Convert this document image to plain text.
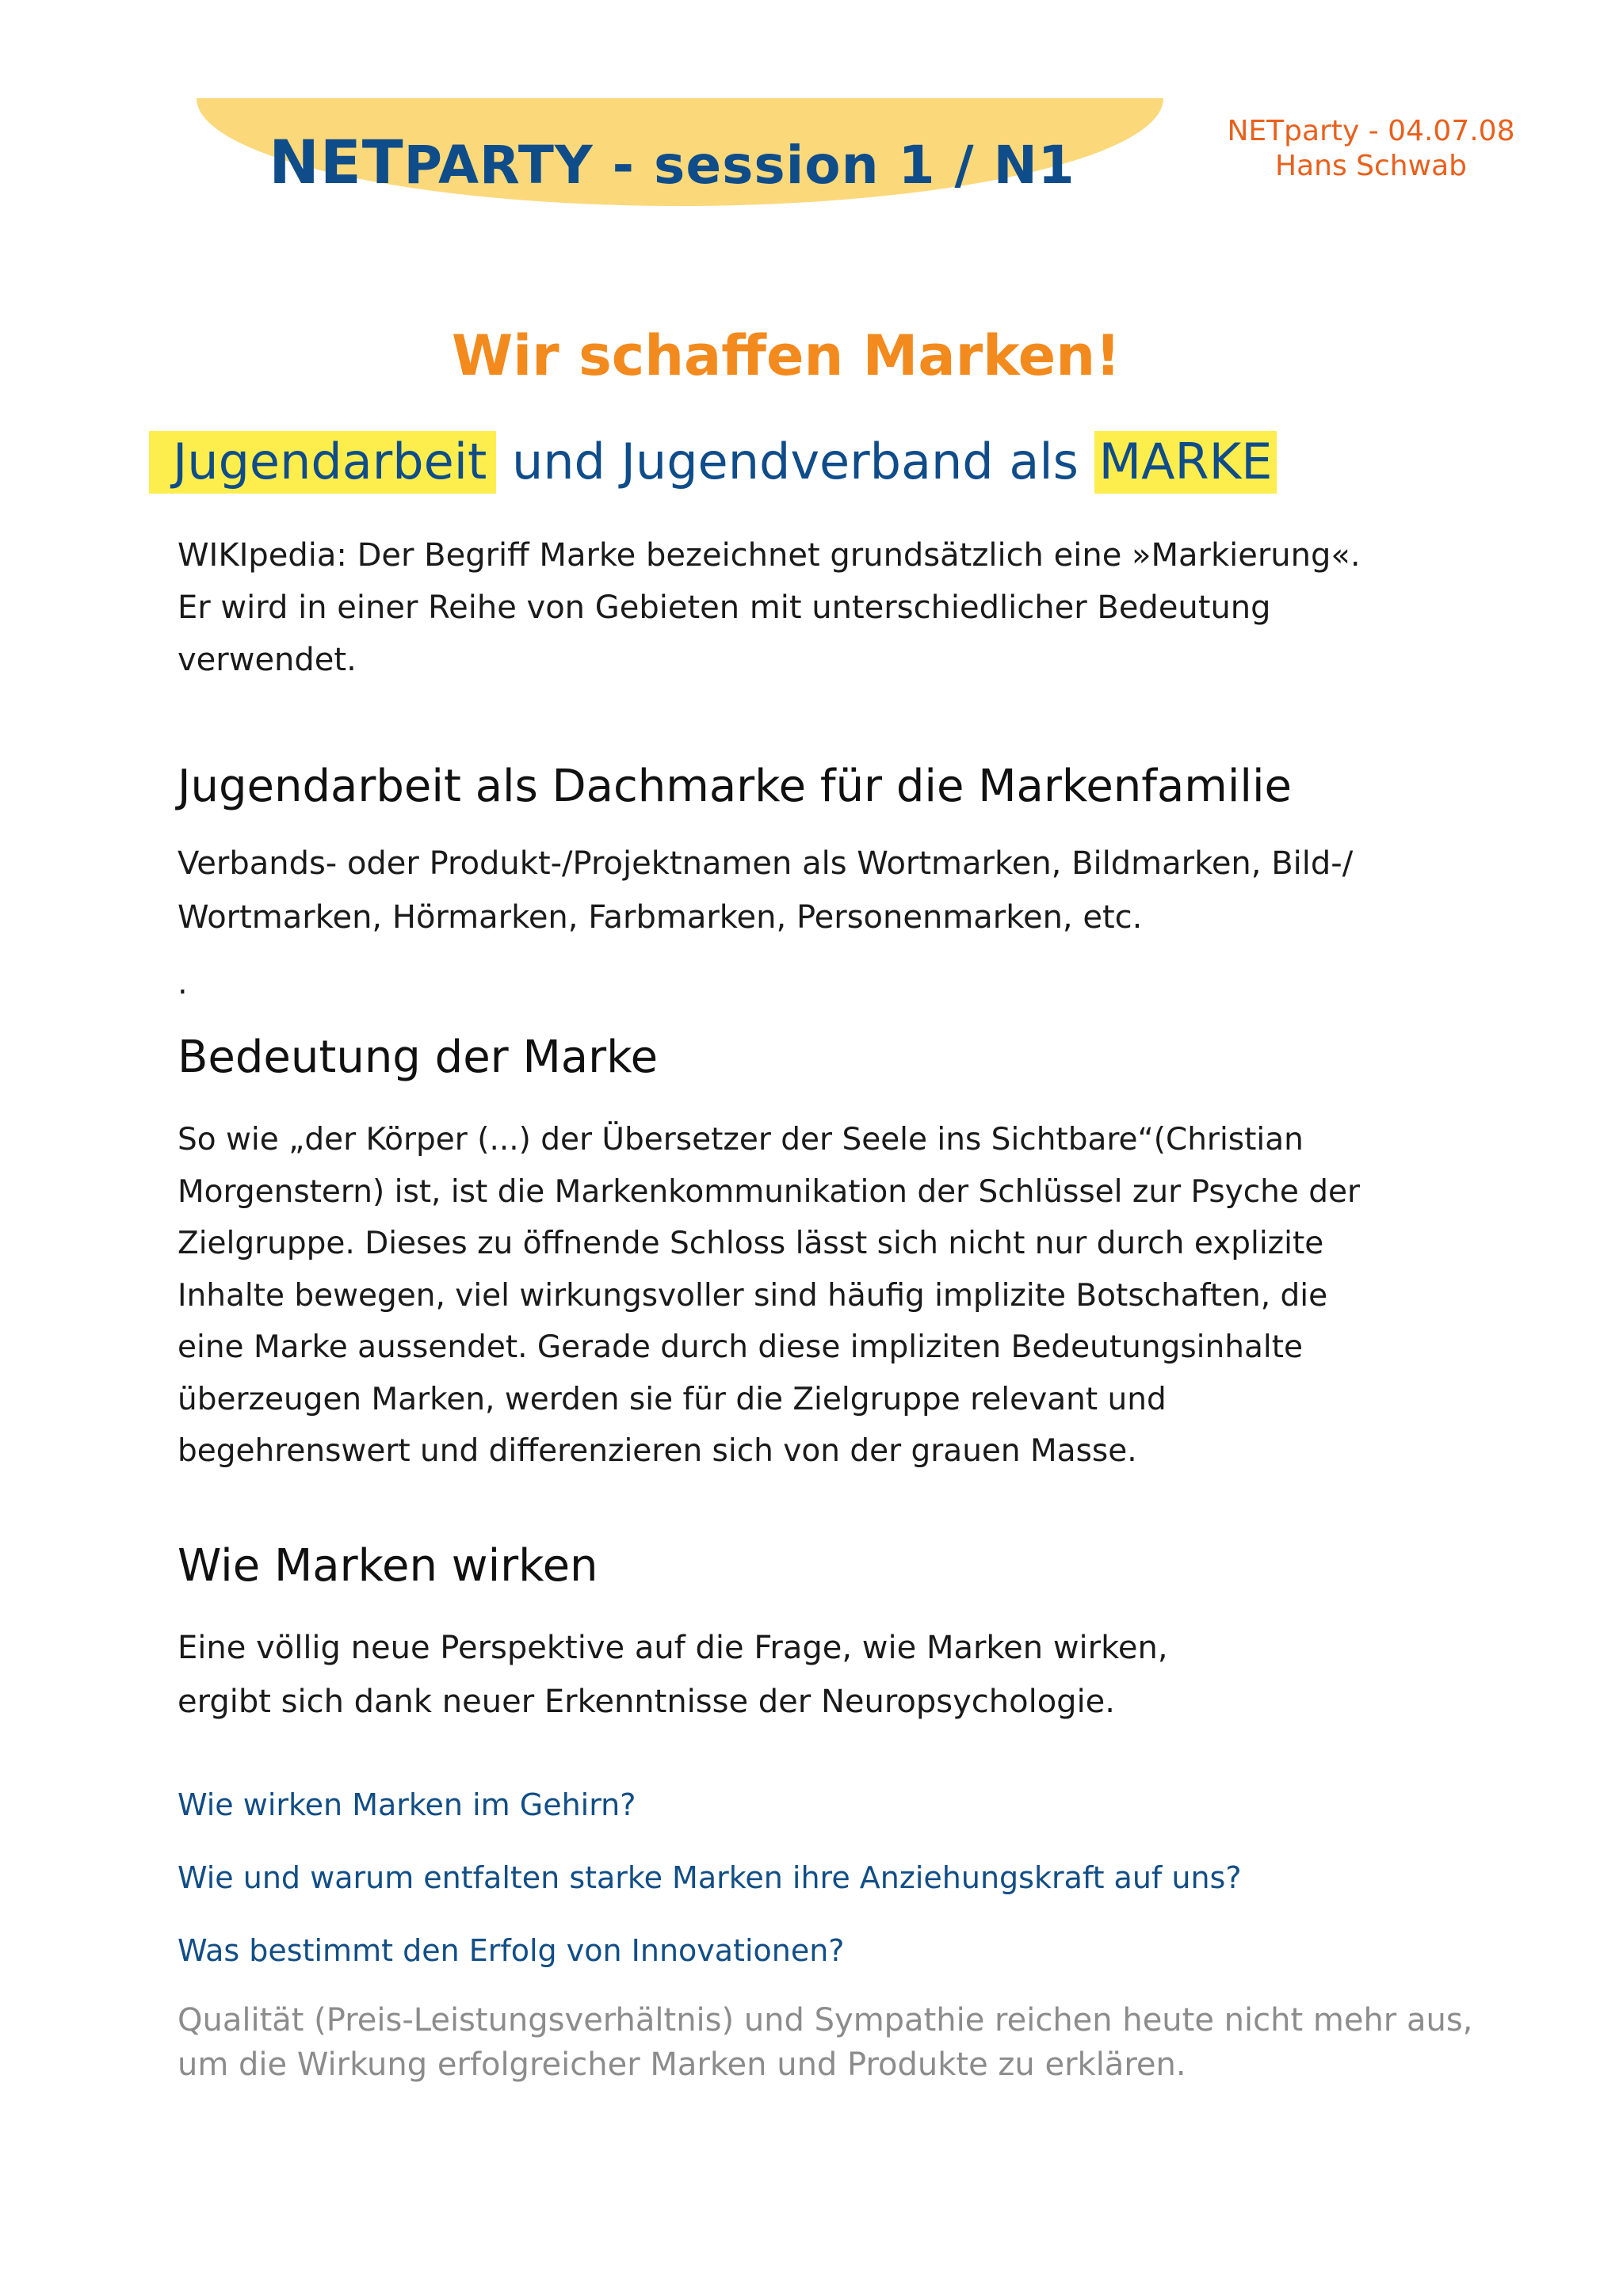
NETPARTY - session 1 / N1
NETparty - 04.07.08
Hans Schwab
Wir schaffen Marken!
Jugendarbeit und Jugendverband als MARKE
WIKIpedia: Der Begriff Marke bezeichnet grundsätzlich eine »Markierung«.
Er wird in einer Reihe von Gebieten mit unterschiedlicher Bedeutung
verwendet.
Jugendarbeit als Dachmarke für die Markenfamilie
Verbands- oder Produkt-/Projektnamen als Wortmarken, Bildmarken, Bild-/
Wortmarken, Hörmarken, Farbmarken, Personenmarken, etc.
.
Bedeutung der Marke
So wie „der Körper (...) der Übersetzer der Seele ins Sichtbare“(Christian
Morgenstern) ist, ist die Markenkommunikation der Schlüssel zur Psyche der
Zielgruppe. Dieses zu öffnende Schloss lässt sich nicht nur durch explizite
Inhalte bewegen, viel wirkungsvoller sind häufig implizite Botschaften, die
eine Marke aussendet. Gerade durch diese impliziten Bedeutungsinhalte
überzeugen Marken, werden sie für die Zielgruppe relevant und
begehrenswert und differenzieren sich von der grauen Masse.
Wie Marken wirken
Eine völlig neue Perspektive auf die Frage, wie Marken wirken,
ergibt sich dank neuer Erkenntnisse der Neuropsychologie.
Wie wirken Marken im Gehirn?
Wie und warum entfalten starke Marken ihre Anziehungskraft auf uns?
Was bestimmt den Erfolg von Innovationen?
Qualität (Preis-Leistungsverhältnis) und Sympathie reichen heute nicht mehr aus,
um die Wirkung erfolgreicher Marken und Produkte zu erklären.
